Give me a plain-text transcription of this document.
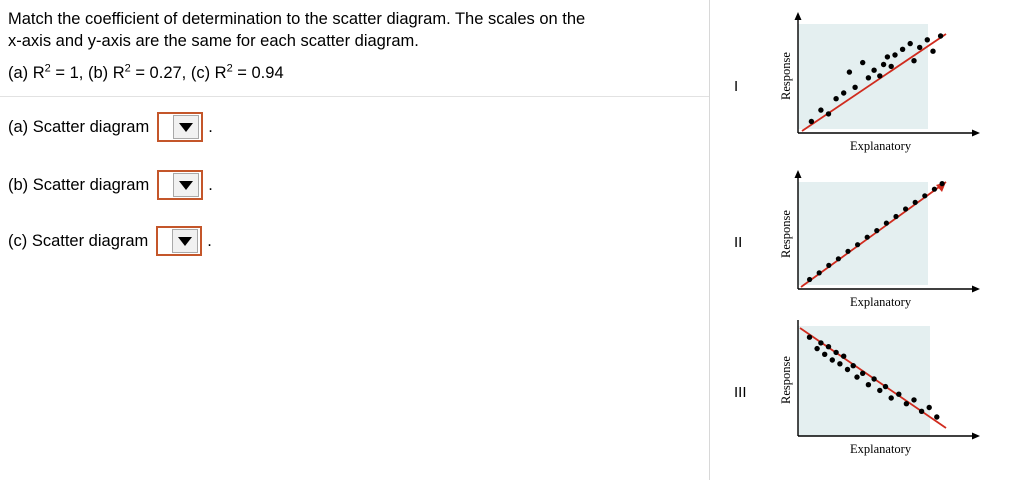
Match the coefficient of determination to the scatter diagram. The scales on the
x-axis and y-axis are the same for each scatter diagram.
(a) $R^2 = 1$, (b) $R^2 = 0.27$, (c) $R^2 = 0.94$
(a) Scatter diagram	.
(b) Scatter diagram	.
(c) Scatter diagram	.
I
Explanatory
Response
II
Explanatory
Response
III
Explanatory
Response
